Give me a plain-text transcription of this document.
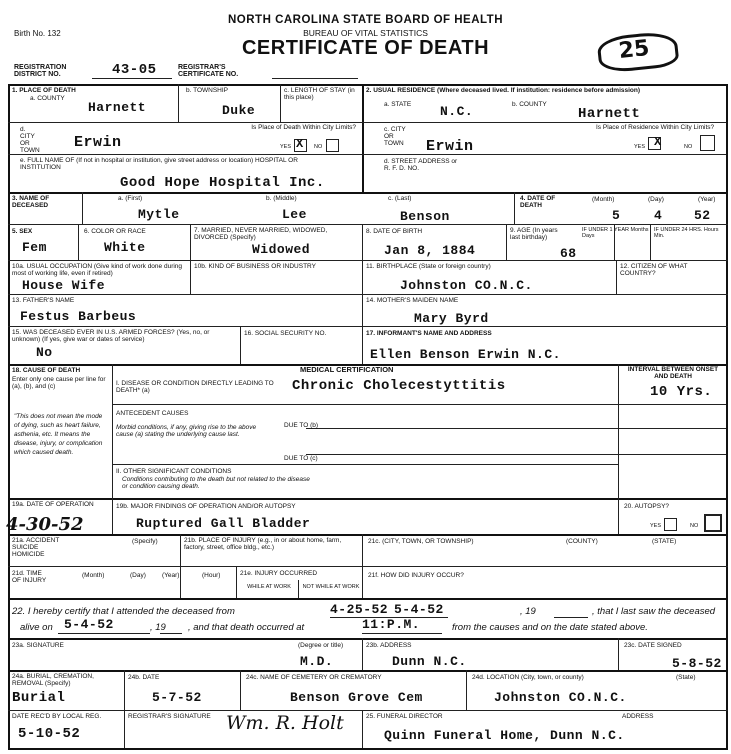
Birth No. 132
NORTH CAROLINA STATE BOARD OF HEALTH
BUREAU OF VITAL STATISTICS
CERTIFICATE OF DEATH
REGISTRATION DISTRICT NO.	43-05	REGISTRAR'S CERTIFICATE NO.
25
1. PLACE OF DEATH
a. COUNTY
Harnett
b. TOWNSHIP
Duke
c. LENGTH OF STAY (in this place)
d. CITY OR TOWN Erwin
Is Place of Death Within City Limits?
YES X NO
e. FULL NAME OF (If not in hospital or institution, give street address or location) HOSPITAL OR INSTITUTION
Good Hope Hospital Inc.
2. USUAL RESIDENCE (Where deceased lived. If institution: residence before admission)
a. STATE N.C.	b. COUNTY
Harnett
c. CITY OR TOWN Erwin
Is Place of Residence Within City Limits?
YES X	NO
d. STREET ADDRESS or R. F. D. NO.
3. NAME OF DECEASED
a. (First)
Mytle
b. (Middle)
Lee
c. (Last)
Benson
4. DATE OF DEATH
(Month)	(Day)	(Year)
5	4 52
5. SEX
Fem
6. COLOR OR RACE
White
7. MARRIED, NEVER MARRIED, WIDOWED, DIVORCED (Specify)
Widowed
8. DATE OF BIRTH
Jan 8, 1884
9. AGE (In years last birthday)
68
IF UNDER 1 YEAR Months Days
IF UNDER 24 HRS. Hours Min.
10a. USUAL OCCUPATION (Give kind of work done during most of working life, even if retired)
House Wife
10b. KIND OF BUSINESS OR INDUSTRY	11. BIRTHPLACE (State or foreign country)
Johnston CO.N.C.
12. CITIZEN OF WHAT COUNTRY?
13. FATHER'S NAME
Festus Barbeus
14. MOTHER'S MAIDEN NAME
Mary Byrd
15. WAS DECEASED EVER IN U.S. ARMED FORCES? (Yes, no, or unknown) (If yes, give war or dates of service)
No
16. SOCIAL SECURITY NO.	17. INFORMANT'S NAME AND ADDRESS
Ellen Benson Erwin N.C.
18. CAUSE OF DEATH
Enter only one cause per line for (a), (b), and (c)
"This does not mean the mode of dying, such as heart failure, asthenia, etc. It means the disease, injury, or complication which caused death.
MEDICAL CERTIFICATION
I. DISEASE OR CONDITION DIRECTLY LEADING TO DEATH* (a)	Chronic Cholecestyttitis
INTERVAL BETWEEN ONSET AND DEATH
10 Yrs.
ANTECEDENT CAUSES
Morbid conditions, if any, giving rise to the above cause (a) stating the underlying cause last.
DUE TO (b)
DUE TO (c)
II. OTHER SIGNIFICANT CONDITIONS
Conditions contributing to the death but not related to the disease or condition causing death.
19a. DATE OF OPERATION
4-30-52
19b. MAJOR FINDINGS OF OPERATION AND/OR AUTOPSY
Ruptured Gall Bladder
20. AUTOPSY?
YES	NO
21a. ACCIDENT SUICIDE HOMICIDE
(Specify)	21b. PLACE OF INJURY (e.g., in or about home, farm, factory, street, office bldg., etc.)
21c. (CITY, TOWN, OR TOWNSHIP)	(COUNTY)	(STATE)
21d. TIME OF INJURY
(Month)	(Day) (Year)	(Hour)	21e. INJURY OCCURRED
WHILE AT WORK	NOT WHILE AT WORK
21f. HOW DID INJURY OCCUR?
22. I hereby certify that I attended the deceased from	4-25-52 5-4-52	, 19	, that I last saw the deceased
alive on 5-4-52	, 19 , and that death occurred at	11:P.M.	from the causes and on the date stated above.
23a. SIGNATURE	(Degree or title)
M.D.
23b. ADDRESS
Dunn N.C.
23c. DATE SIGNED
5-8-52
24a. BURIAL, CREMATION, REMOVAL (Specify)
Burial
24b. DATE
5-7-52
24c. NAME OF CEMETERY OR CREMATORY
Benson Grove Cem
24d. LOCATION (City, town, or county)	(State)
Johnston CO.N.C.
DATE REC'D BY LOCAL REG.
5-10-52
REGISTRAR'S SIGNATURE Wm. R. Holt	25. FUNERAL DIRECTOR	ADDRESS
Quinn Funeral Home, Dunn N.C.
